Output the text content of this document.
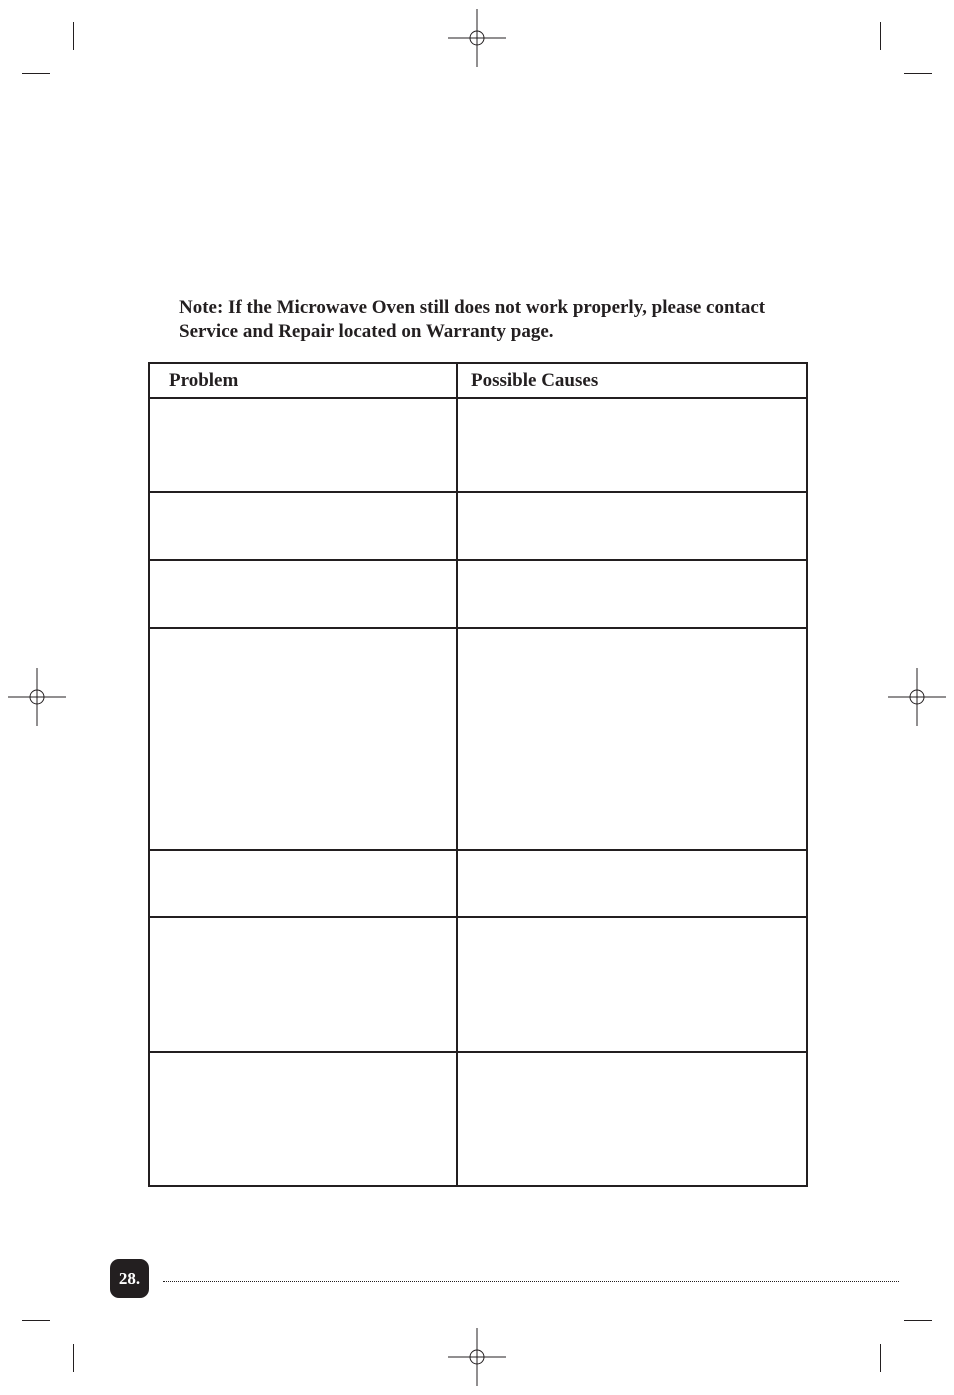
Note: If the Microwave Oven still does not work properly, please contact Service and Repair located on Warranty page.

Problem	Possible Causes

28.
